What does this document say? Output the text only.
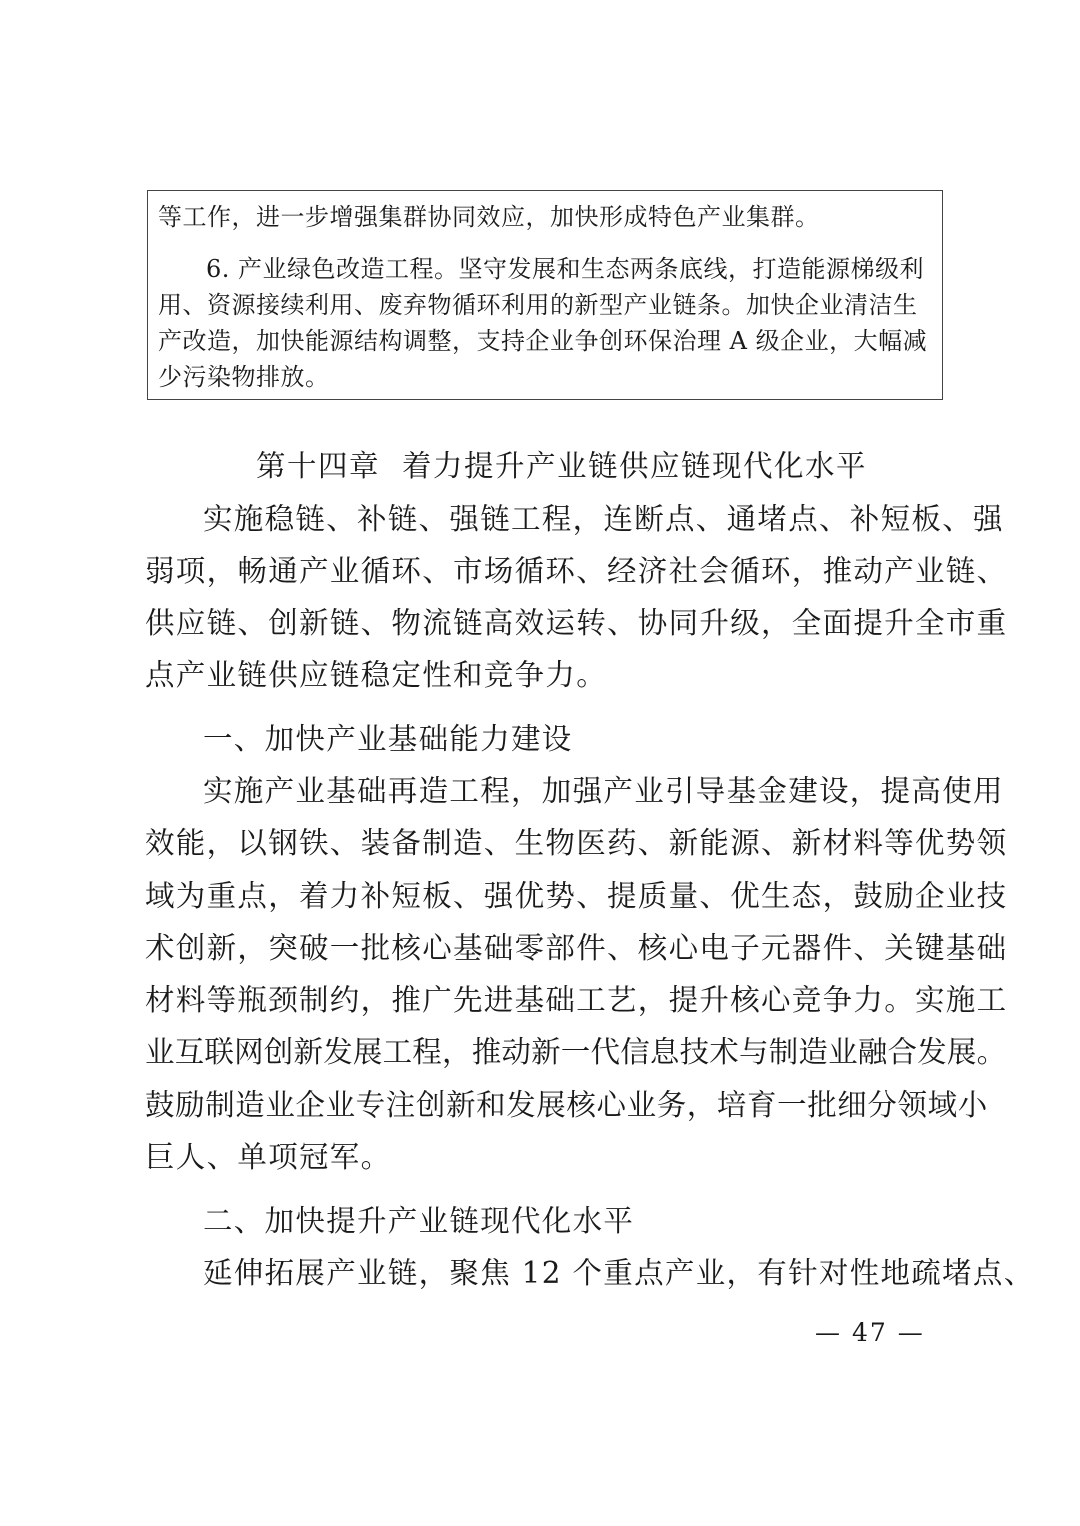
等工作，进一步增强集群协同效应，加快形成特色产业集群。

6. 产业绿色改造工程。坚守发展和生态两条底线，打造能源梯级利

用、资源接续利用、废弃物循环利用的新型产业链条。加快企业清洁生

产改造，加快能源结构调整，支持企业争创环保治理 A 级企业，大幅减

少污染物排放。

第十四章 着力提升产业链供应链现代化水平

实施稳链、补链、强链工程，连断点、通堵点、补短板、强

弱项，畅通产业循环、市场循环、经济社会循环，推动产业链、

供应链、创新链、物流链高效运转、协同升级，全面提升全市重

点产业链供应链稳定性和竞争力。

一、加快产业基础能力建设

实施产业基础再造工程，加强产业引导基金建设，提高使用

效能，以钢铁、装备制造、生物医药、新能源、新材料等优势领

域为重点，着力补短板、强优势、提质量、优生态，鼓励企业技

术创新，突破一批核心基础零部件、核心电子元器件、关键基础

材料等瓶颈制约，推广先进基础工艺，提升核心竞争力。实施工

业互联网创新发展工程，推动新一代信息技术与制造业融合发展。

鼓励制造业企业专注创新和发展核心业务，培育一批细分领域小

巨人、单项冠军。

二、加快提升产业链现代化水平

延伸拓展产业链，聚焦 12 个重点产业，有针对性地疏堵点、

— 47 —
